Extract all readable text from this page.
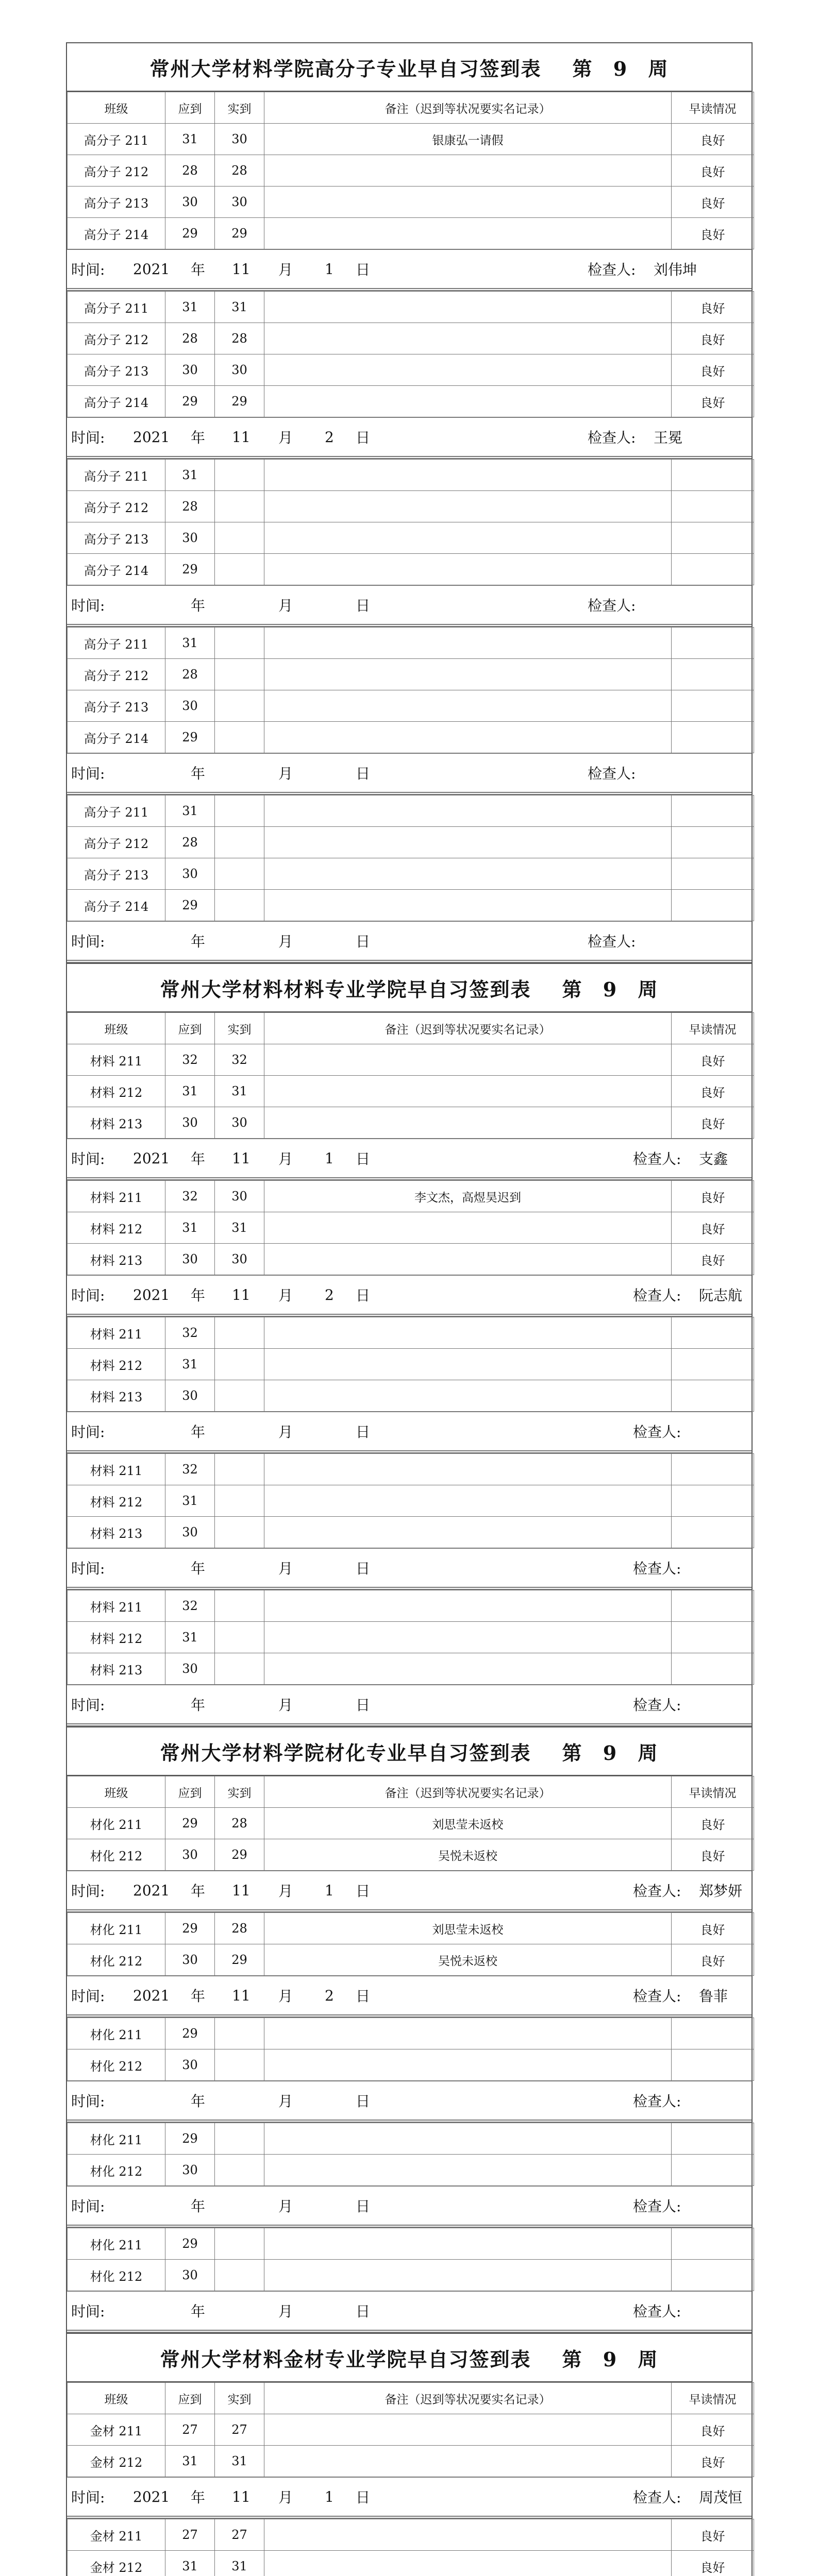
常州大学材料学院高分子专业早自习签到表 第 9 周
班级	应到	实到	备注（迟到等状况要实名记录）	早读情况
高分子 211	31	30	银康弘一请假	良好
高分子 212	28	28		良好
高分子 213	30	30		良好
高分子 214	29	29		良好
时间: 2021 年 11 月 1 日	检查人: 刘伟坤
高分子 211	31	31		良好
高分子 212	28	28		良好
高分子 213	30	30		良好
高分子 214	29	29		良好
时间: 2021 年 11 月 2 日	检查人: 王冕
高分子 211	31			
高分子 212	28			
高分子 213	30			
高分子 214	29			
时间:	年	月	日	检查人:
高分子 211	31			
高分子 212	28			
高分子 213	30			
高分子 214	29			
时间:	年	月	日	检查人:
高分子 211	31			
高分子 212	28			
高分子 213	30			
高分子 214	29			
时间:	年	月	日	检查人:
常州大学材料材料专业学院早自习签到表 第 9 周
班级	应到	实到	备注（迟到等状况要实名记录）	早读情况
材料 211	32	32		良好
材料 212	31	31		良好
材料 213	30	30		良好
时间: 2021 年 11 月 1 日	检查人: 支鑫
材料 211	32	30	李文杰，高煜昊迟到	良好
材料 212	31	31		良好
材料 213	30	30		良好
时间: 2021 年 11 月 2 日	检查人: 阮志航
材料 211	32			
材料 212	31			
材料 213	30			
时间:	年	月	日	检查人:
材料 211	32			
材料 212	31			
材料 213	30			
时间:	年	月	日	检查人:
材料 211	32			
材料 212	31			
材料 213	30			
时间:	年	月	日	检查人:
常州大学材料学院材化专业早自习签到表 第 9 周
班级	应到	实到	备注（迟到等状况要实名记录）	早读情况
材化 211	29	28	刘思莹未返校	良好
材化 212	30	29	吴悦未返校	良好
时间: 2021 年 11 月 1 日	检查人: 郑梦妍
材化 211	29	28	刘思莹未返校	良好
材化 212	30	29	吴悦未返校	良好
时间: 2021 年 11 月 2 日	检查人: 鲁菲
材化 211	29			
材化 212	30			
时间:	年	月	日	检查人:
材化 211	29			
材化 212	30			
时间:	年	月	日	检查人:
材化 211	29			
材化 212	30			
时间:	年	月	日	检查人:
常州大学材料金材专业学院早自习签到表 第 9 周
班级	应到	实到	备注（迟到等状况要实名记录）	早读情况
金材 211	27	27		良好
金材 212	31	31		良好
时间: 2021 年 11 月 1 日	检查人: 周茂恒
金材 211	27	27		良好
金材 212	31	31		良好
